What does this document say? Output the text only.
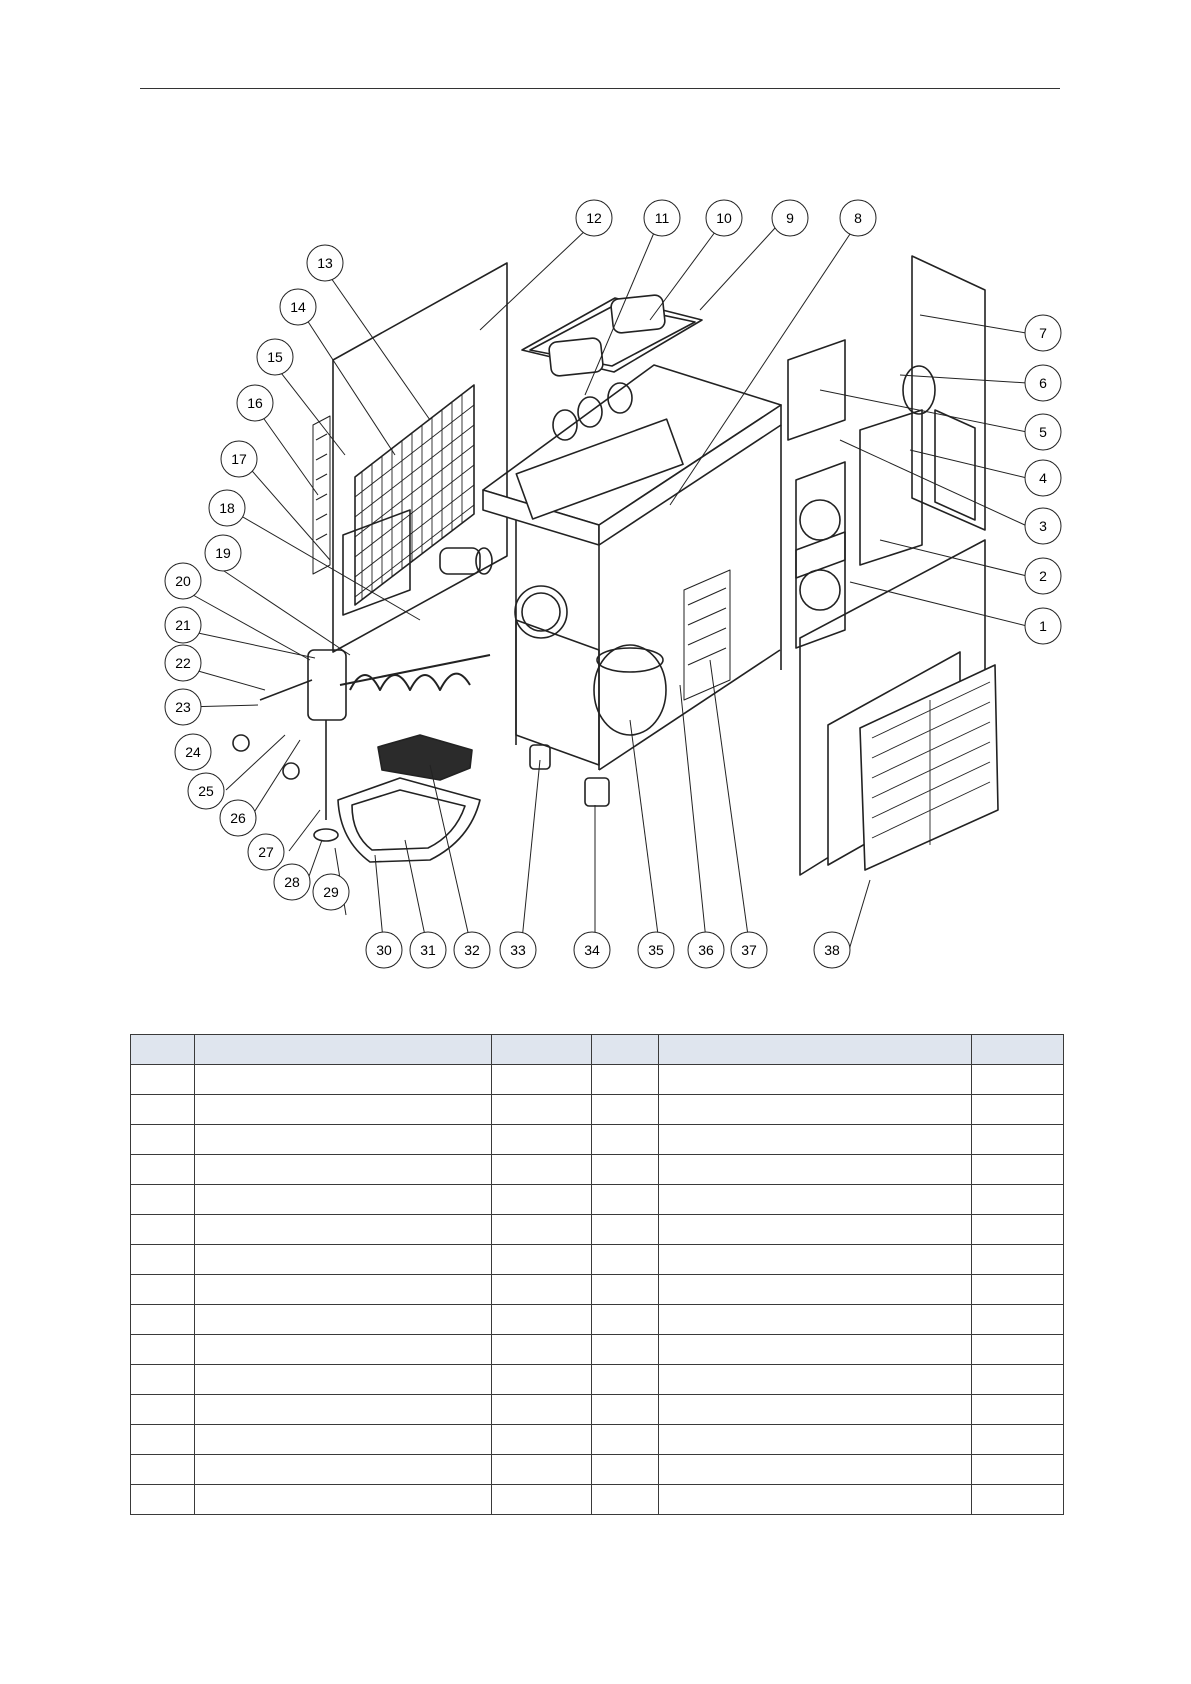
1
2
3
4
5
6
7
8
9
10
11
12
13
14
15
16
17
18
19
20
21
22
23
24
25
26
27
28
29
30 31 32 33	34	35 36 37	38
